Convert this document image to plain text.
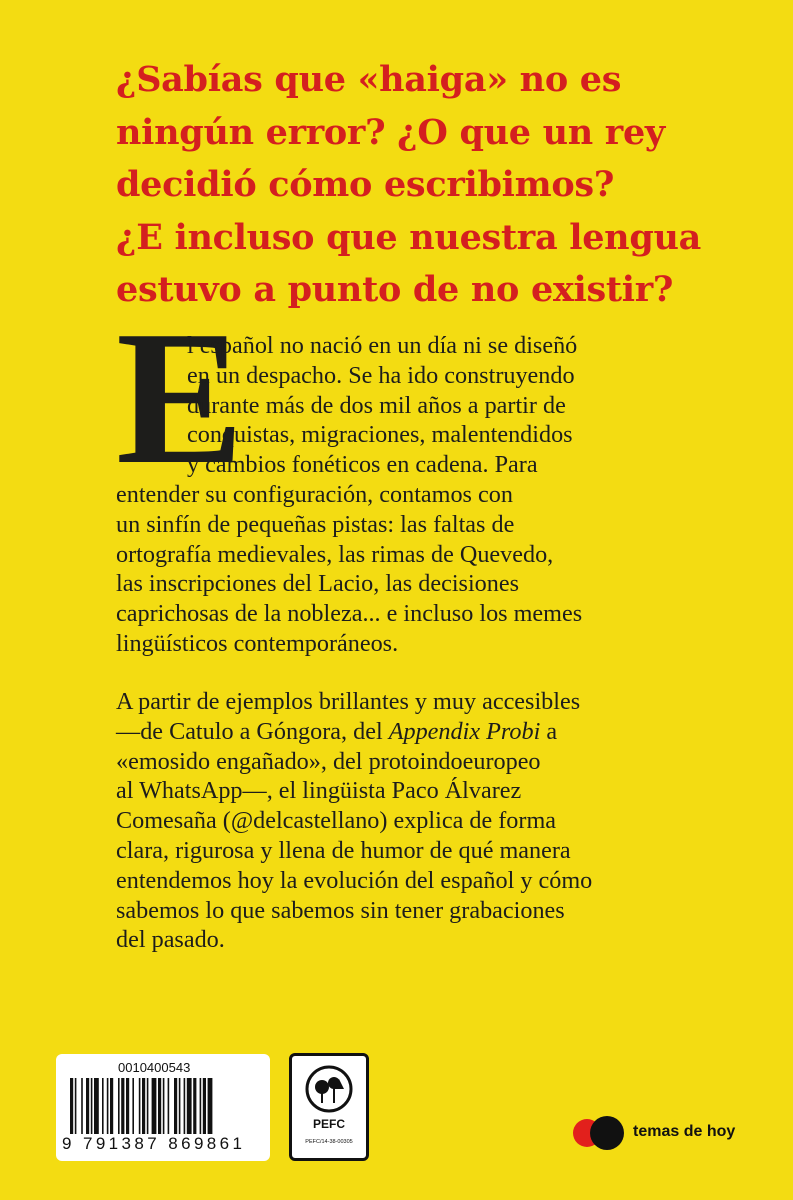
¿Sabías que «haiga» no es
ningún error? ¿O que un rey
decidió cómo escribimos?
¿E incluso que nuestra lengua
estuvo a punto de no existir?
E
l español no nació en un día ni se diseñó
en un despacho. Se ha ido construyendo
durante más de dos mil años a partir de
conquistas, migraciones, malentendidos
y cambios fonéticos en cadena. Para
entender su configuración, contamos con
un sinfín de pequeñas pistas: las faltas de
ortografía medievales, las rimas de Quevedo,
las inscripciones del Lacio, las decisiones
caprichosas de la nobleza... e incluso los memes
lingüísticos contemporáneos.
A partir de ejemplos brillantes y muy accesibles
—de Catulo a Góngora, del Appendix Probi a
«emosido engañado», del protoindoeuropeo
al WhatsApp—, el lingüista Paco Álvarez
Comesaña (@delcastellano) explica de forma
clara, rigurosa y llena de humor de qué manera
entendemos hoy la evolución del español y cómo
sabemos lo que sabemos sin tener grabaciones
del pasado.
0010400543
9 791387 869861
PEFC
PEFC/14-38-00305
temas de hoy
